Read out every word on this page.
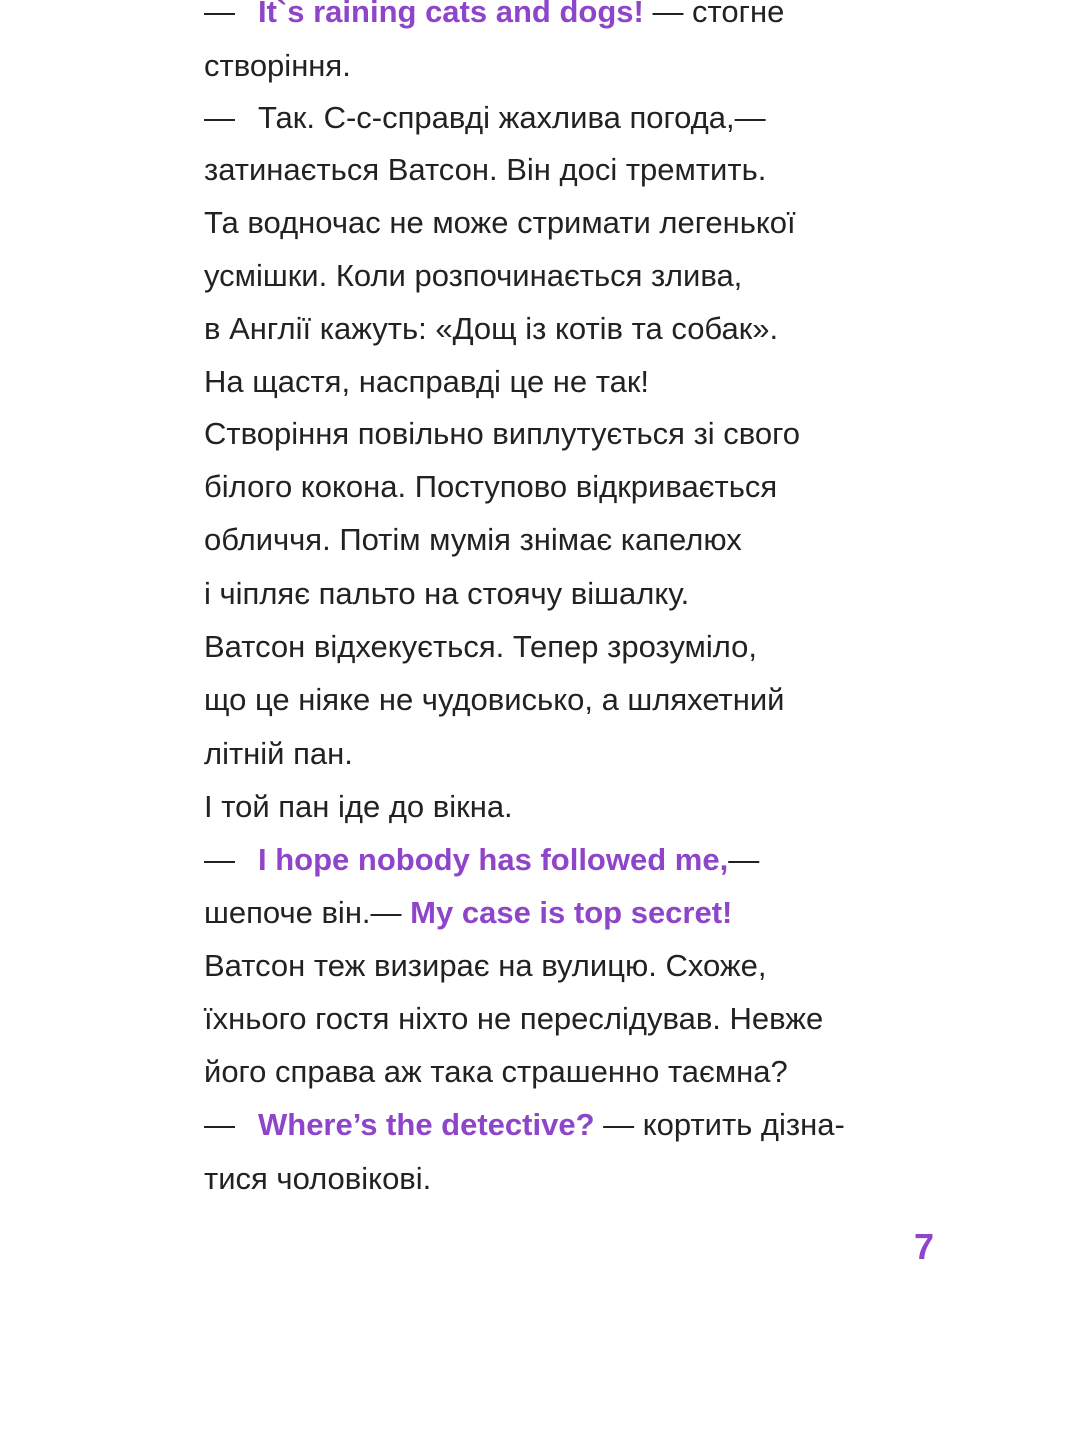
— It`s raining cats and dogs! — стогне
створіння.
— Так. С-с-справді жахлива погода,—
затинається Ватсон. Він досі тремтить.
Та водночас не може стримати легенької
усмішки. Коли розпочинається злива,
в Англії кажуть: «Дощ із котів та собак».
На щастя, насправді це не так!
Створіння повільно виплутується зі свого
білого кокона. Поступово відкривається
обличчя. Потім мумія знімає капелюх
і чіпляє пальто на стоячу вішалку.
Ватсон відхекується. Тепер зрозуміло,
що це ніяке не чудовисько, а шляхетний
літній пан.
І той пан іде до вікна.
— I hope nobody has followed me,—
шепоче він.— My case is top secret!
Ватсон теж визирає на вулицю. Схоже,
їхнього гостя ніхто не переслідував. Невже
його справа аж така страшенно таємна?
— Where’s the detective? — кортить дізна-
тися чоловікові.
7
